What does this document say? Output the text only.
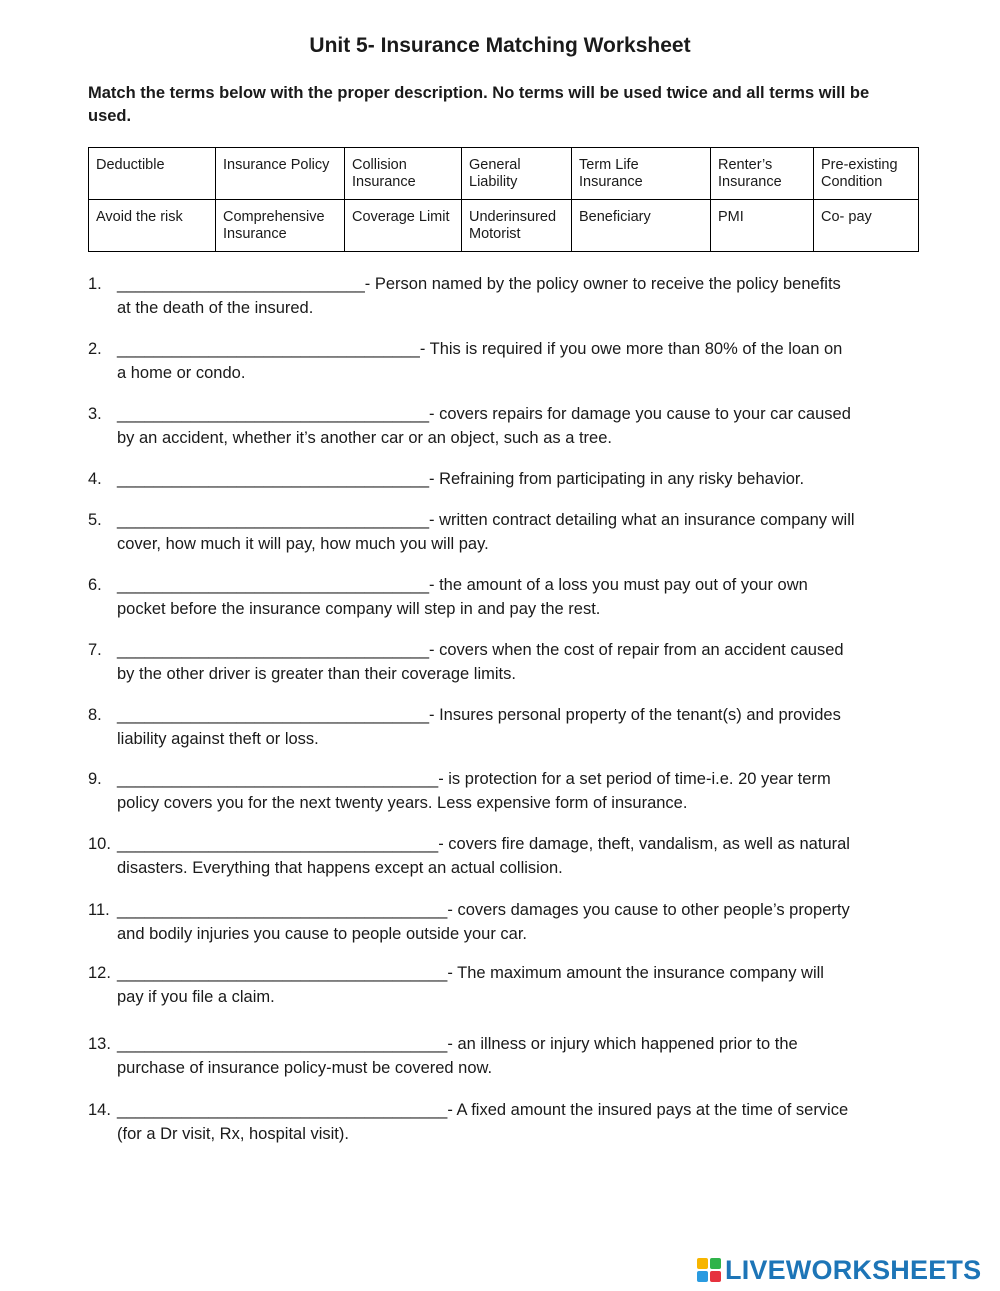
Unit 5- Insurance Matching Worksheet
Match the terms below with the proper description. No terms will be used twice and all terms will be used.
Deductible	Insurance Policy	Collision Insurance	General Liability	Term Life Insurance	Renter’s Insurance	Pre-existing Condition
Avoid the risk	Comprehensive Insurance	Coverage Limit	Underinsured Motorist	Beneficiary	PMI	Co- pay
1. ___________________________- Person named by the policy owner to receive the policy benefits
at the death of the insured.
2. _________________________________- This is required if you owe more than 80% of the loan on
a home or condo.
3. __________________________________- covers repairs for damage you cause to your car caused
by an accident, whether it’s another car or an object, such as a tree.
4. __________________________________- Refraining from participating in any risky behavior.
5. __________________________________- written contract detailing what an insurance company will
cover, how much it will pay, how much you will pay.
6. __________________________________- the amount of a loss you must pay out of your own
pocket before the insurance company will step in and pay the rest.
7. __________________________________- covers when the cost of repair from an accident caused
by the other driver is greater than their coverage limits.
8. __________________________________- Insures personal property of the tenant(s) and provides
liability against theft or loss.
9. ___________________________________- is protection for a set period of time-i.e. 20 year term
policy covers you for the next twenty years. Less expensive form of insurance.
10. ___________________________________- covers fire damage, theft, vandalism, as well as natural
disasters. Everything that happens except an actual collision.
11. ____________________________________- covers damages you cause to other people’s property
and bodily injuries you cause to people outside your car.
12. ____________________________________- The maximum amount the insurance company will
pay if you file a claim.
13. ____________________________________- an illness or injury which happened prior to the
purchase of insurance policy-must be covered now.
14. ____________________________________- A fixed amount the insured pays at the time of service
(for a Dr visit, Rx, hospital visit).
LIVEWORKSHEETS
